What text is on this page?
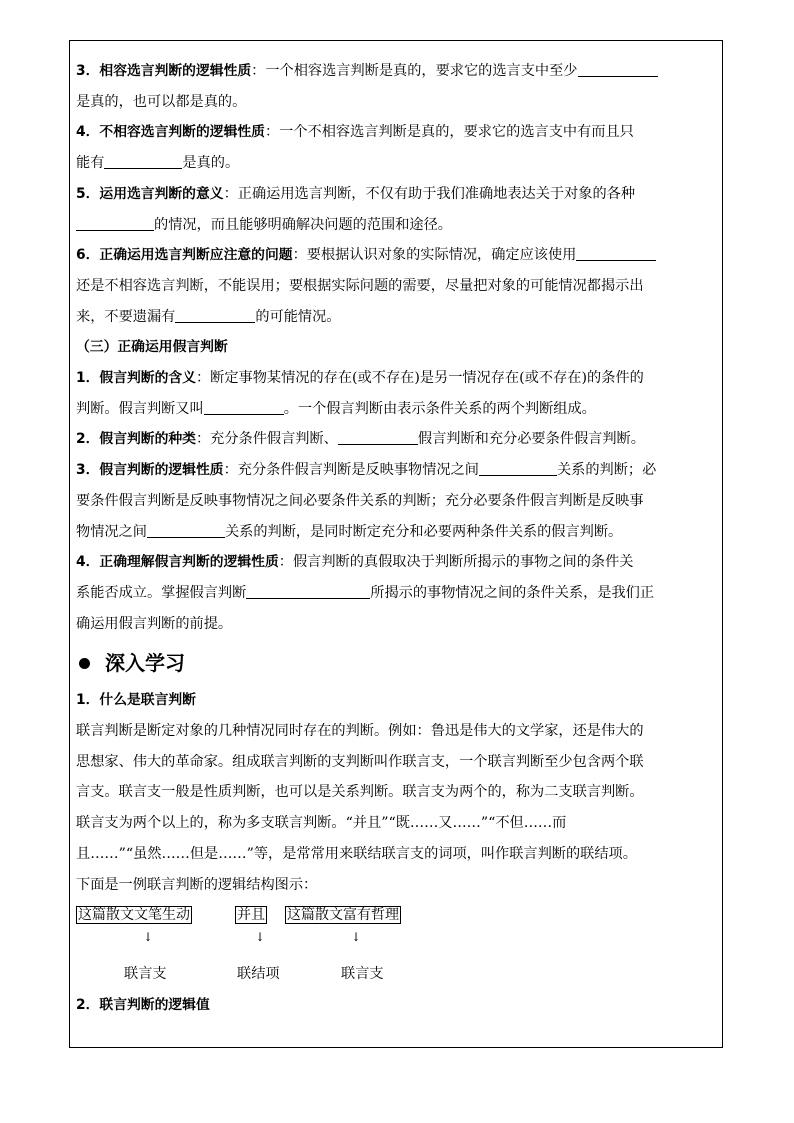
3．相容选言判断的逻辑性质：一个相容选言判断是真的，要求它的选言支中至少

是真的，也可以都是真的。

4．不相容选言判断的逻辑性质：一个不相容选言判断是真的，要求它的选言支中有而且只

能有	是真的。

5．运用选言判断的意义：正确运用选言判断，不仅有助于我们准确地表达关于对象的各种

的情况，而且能够明确解决问题的范围和途径。

6．正确运用选言判断应注意的问题：要根据认识对象的实际情况，确定应该使用

还是不相容选言判断，不能误用；要根据实际问题的需要，尽量把对象的可能情况都揭示出

来，不要遗漏有	的可能情况。

（三）正确运用假言判断

1．假言判断的含义：断定事物某情况的存在(或不存在)是另一情况存在(或不存在)的条件的

判断。假言判断又叫	。一个假言判断由表示条件关系的两个判断组成。

2．假言判断的种类：充分条件假言判断、	假言判断和充分必要条件假言判断。

3．假言判断的逻辑性质：充分条件假言判断是反映事物情况之间	关系的判断；必

要条件假言判断是反映事物情况之间必要条件关系的判断；充分必要条件假言判断是反映事

物情况之间	关系的判断，是同时断定充分和必要两种条件关系的假言判断。

4．正确理解假言判断的逻辑性质：假言判断的真假取决于判断所揭示的事物之间的条件关

系能否成立。掌握假言判断	所揭示的事物情况之间的条件关系，是我们正

确运用假言判断的前提。

深入学习

1．什么是联言判断

联言判断是断定对象的几种情况同时存在的判断。例如：鲁迅是伟大的文学家，还是伟大的

思想家、伟大的革命家。组成联言判断的支判断叫作联言支，一个联言判断至少包含两个联

言支。联言支一般是性质判断，也可以是关系判断。联言支为两个的，称为二支联言判断。

联言支为两个以上的，称为多支联言判断。“并且”“既……又……”“不但……而

且……”“虽然……但是……”等，是常常用来联结联言支的词项，叫作联言判断的联结项。

下面是一例联言判断的逻辑结构图示：

这篇散文文笔生动	并且 这篇散文富有哲理
↓	↓	↓
联言支	联结项	联言支

2．联言判断的逻辑值
